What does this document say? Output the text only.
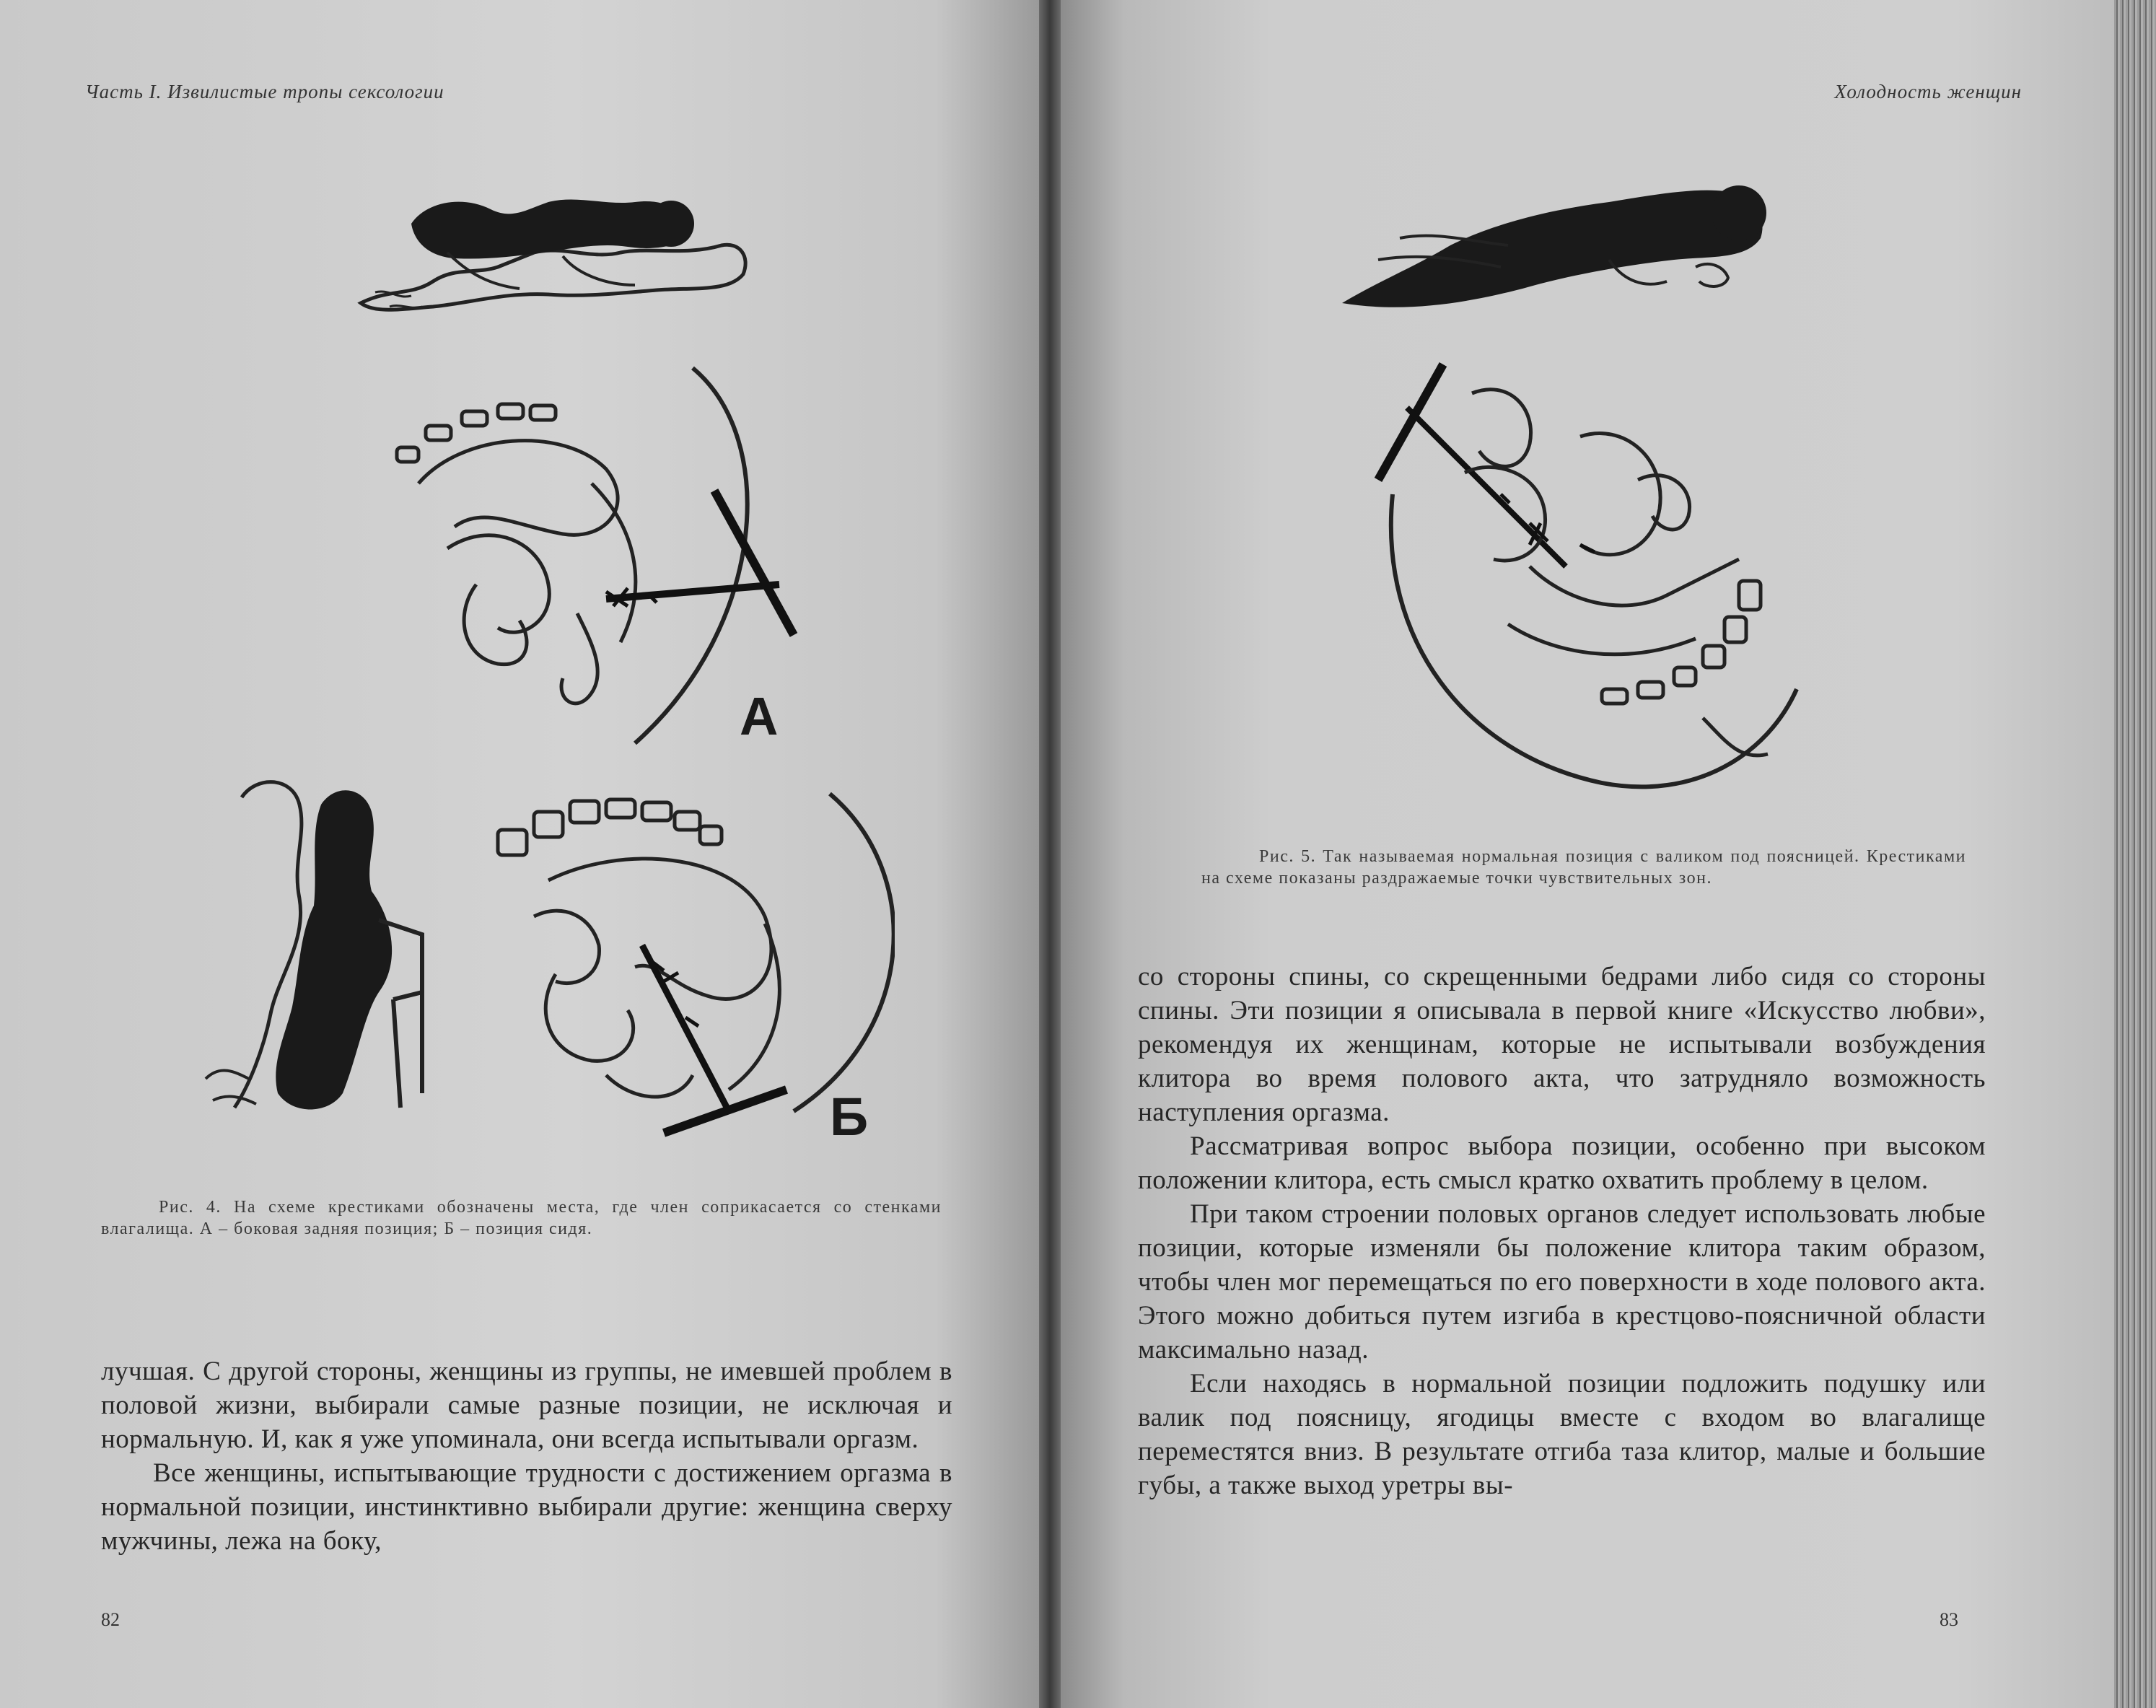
Часть I. Извилистые тропы сексологии
А
Б

Рис. 4. На схеме крестиками обозначены места, где член соприкасается со стенками влагалища. А – боковая задняя позиция; Б – позиция сидя.

лучшая. С другой стороны, женщины из группы, не имевшей проблем в половой жизни, выбирали самые разные позиции, не исключая и нормальную. И, как я уже упоминала, они всегда испытывали оргазм.

Все женщины, испытывающие трудности с достижением оргазма в нормальной позиции, инстинктивно выбирали другие: женщина сверху мужчины, лежа на боку,

82
Холодность женщин

Рис. 5. Так называемая нормальная позиция с валиком под поясницей. Крестиками на схеме показаны раздражаемые точки чувствительных зон.

со стороны спины, со скрещенными бедрами либо сидя со стороны спины. Эти позиции я описывала в первой книге «Искусство любви», рекомендуя их женщинам, которые не испытывали возбуждения клитора во время полового акта, что затрудняло возможность наступления оргазма.

Рассматривая вопрос выбора позиции, особенно при высоком положении клитора, есть смысл кратко охватить проблему в целом.

При таком строении половых органов следует использовать любые позиции, которые изменяли бы положение клитора таким образом, чтобы член мог перемещаться по его поверхности в ходе полового акта. Этого можно добиться путем изгиба в крестцово-поясничной области максимально назад.

Если находясь в нормальной позиции подложить подушку или валик под поясницу, ягодицы вместе с входом во влагалище переместятся вниз. В результате отгиба таза клитор, малые и большие губы, а также выход уретры вы-

83
